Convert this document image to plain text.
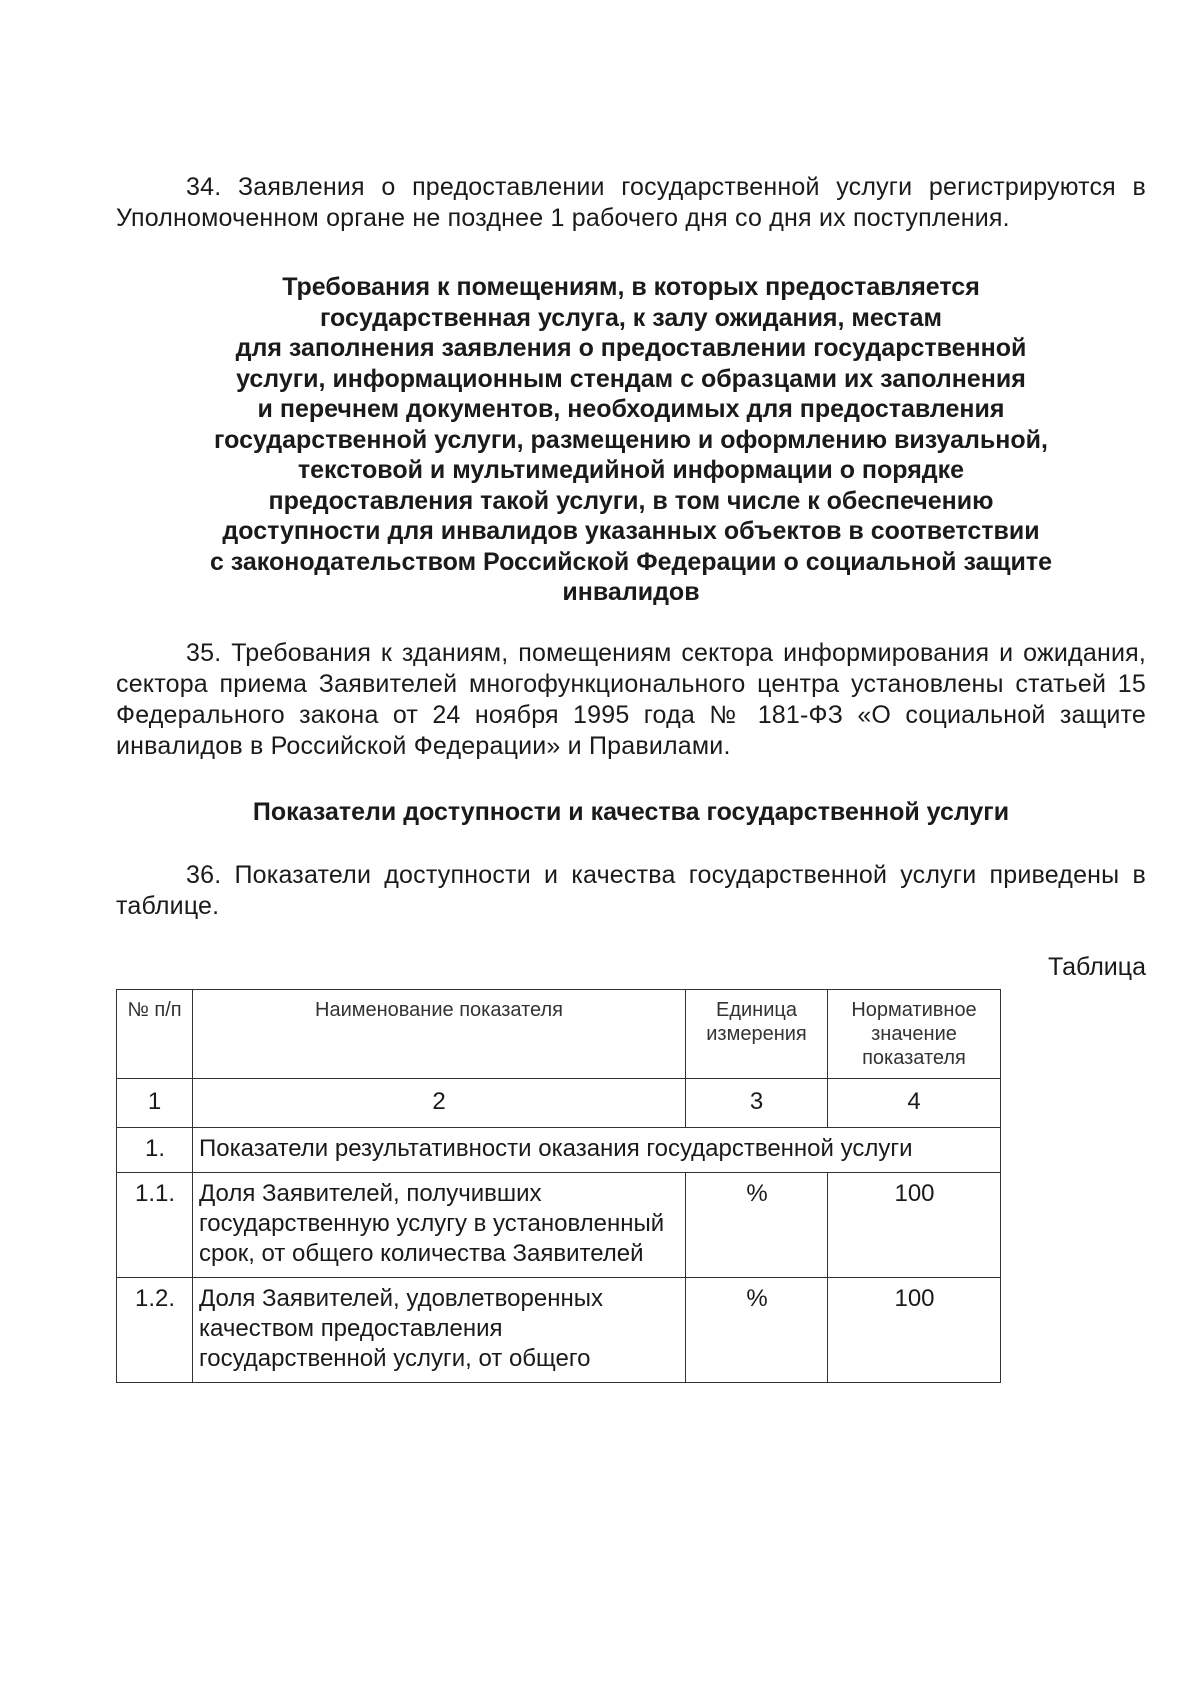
34. Заявления о предоставлении государственной услуги регистрируются в Уполномоченном органе не позднее 1 рабочего дня со дня их поступления.

Требования к помещениям, в которых предоставляется
государственная услуга, к залу ожидания, местам
для заполнения заявления о предоставлении государственной
услуги, информационным стендам с образцами их заполнения
и перечнем документов, необходимых для предоставления
государственной услуги, размещению и оформлению визуальной,
текстовой и мультимедийной информации о порядке
предоставления такой услуги, в том числе к обеспечению
доступности для инвалидов указанных объектов в соответствии
с законодательством Российской Федерации о социальной защите
инвалидов

35. Требования к зданиям, помещениям сектора информирования и ожидания, сектора приема Заявителей многофункционального центра установлены статьей 15 Федерального закона от 24 ноября 1995 года № 181-ФЗ «О социальной защите инвалидов в Российской Федерации» и Правилами.

Показатели доступности и качества государственной услуги

36. Показатели доступности и качества государственной услуги приведены в таблице.

Таблица
№ п/п	Наименование показателя	Единица измерения	Нормативное значение показателя
1	2	3	4
1.	Показатели результативности оказания государственной услуги		
1.1.	Доля Заявителей, получивших государственную услугу в установленный срок, от общего количества Заявителей	%	100
1.2.	Доля Заявителей, удовлетворенных качеством предоставления государственной услуги, от общего	%	100
